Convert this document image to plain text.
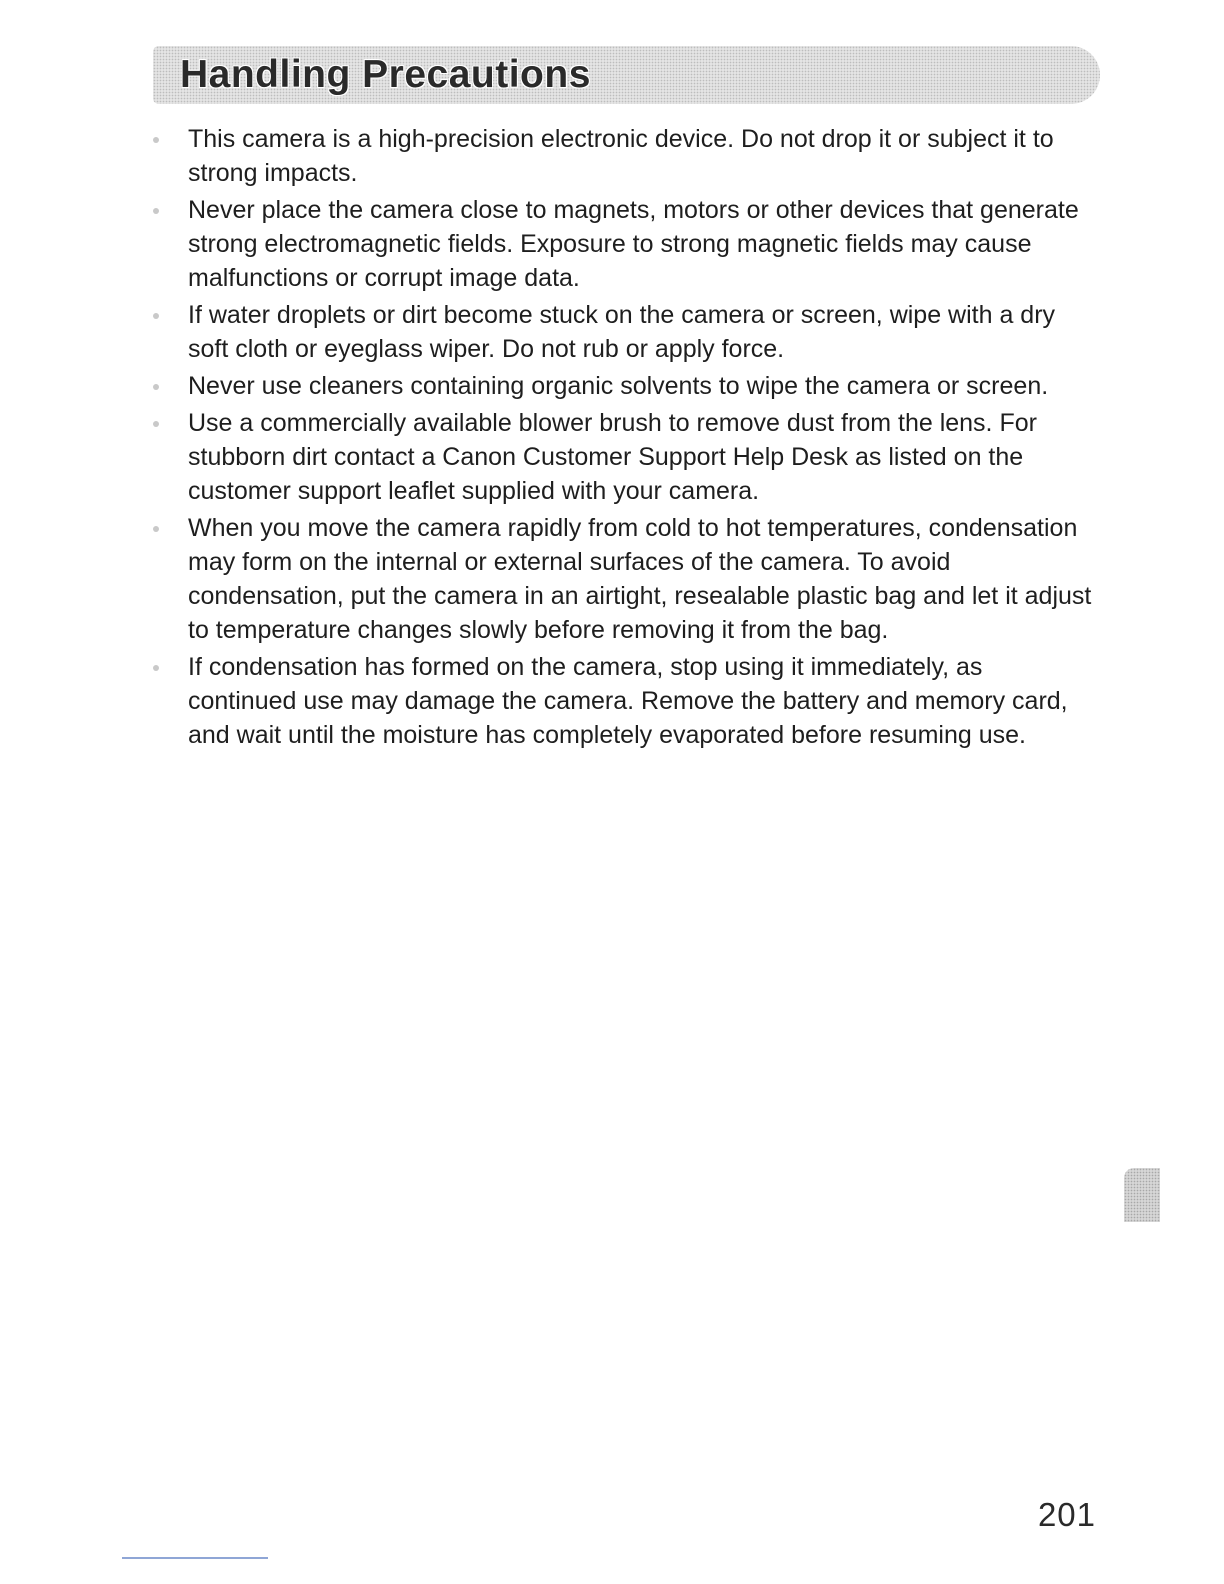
Handling Precautions
This camera is a high-precision electronic device. Do not drop it or subject it to strong impacts.
Never place the camera close to magnets, motors or other devices that generate strong electromagnetic fields. Exposure to strong magnetic fields may cause malfunctions or corrupt image data.
If water droplets or dirt become stuck on the camera or screen, wipe with a dry soft cloth or eyeglass wiper. Do not rub or apply force.
Never use cleaners containing organic solvents to wipe the camera or screen.
Use a commercially available blower brush to remove dust from the lens. For stubborn dirt contact a Canon Customer Support Help Desk as listed on the customer support leaflet supplied with your camera.
When you move the camera rapidly from cold to hot temperatures, condensation may form on the internal or external surfaces of the camera. To avoid condensation, put the camera in an airtight, resealable plastic bag and let it adjust to temperature changes slowly before removing it from the bag.
If condensation has formed on the camera, stop using it immediately, as continued use may damage the camera. Remove the battery and memory card, and wait until the moisture has completely evaporated before resuming use.
201
